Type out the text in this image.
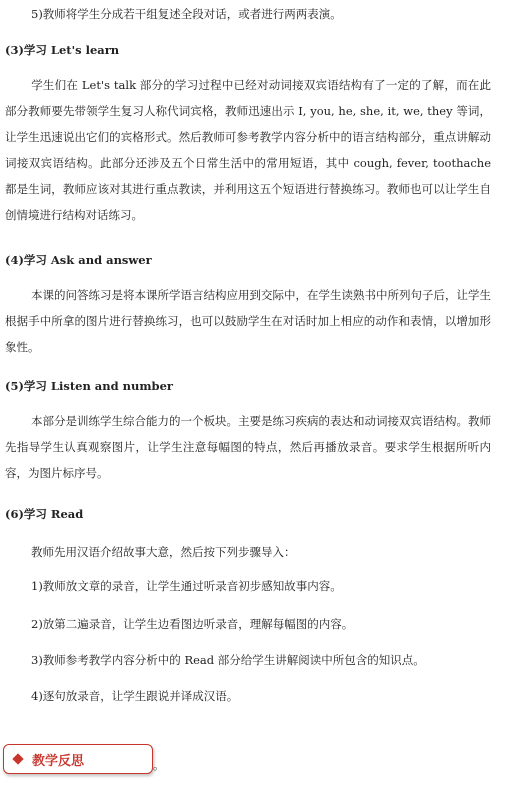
5)教师将学生分成若干组复述全段对话，或者进行两两表演。
(3)学习 Let's learn
学生们在 Let's talk 部分的学习过程中已经对动词接双宾语结构有了一定的了解，而在此部分教师要先带领学生复习人称代词宾格，教师迅速出示 I, you, he, she, it, we, they 等词，让学生迅速说出它们的宾格形式。然后教师可参考教学内容分析中的语言结构部分，重点讲解动词接双宾语结构。此部分还涉及五个日常生活中的常用短语，其中 cough, fever, toothache 都是生词，教师应该对其进行重点教读，并利用这五个短语进行替换练习。教师也可以让学生自创情境进行结构对话练习。
(4)学习 Ask and answer
本课的问答练习是将本课所学语言结构应用到交际中，在学生读熟书中所列句子后，让学生根据手中所拿的图片进行替换练习，也可以鼓励学生在对话时加上相应的动作和表情，以增加形象性。
(5)学习 Listen and number
本部分是训练学生综合能力的一个板块。主要是练习疾病的表达和动词接双宾语结构。教师先指导学生认真观察图片，让学生注意每幅图的特点，然后再播放录音。要求学生根据所听内容，为图片标序号。
(6)学习 Read
教师先用汉语介绍故事大意，然后按下列步骤导入：
1)教师放文章的录音，让学生通过听录音初步感知故事内容。
2)放第二遍录音，让学生边看图边听录音，理解每幅图的内容。
3)教师参考教学内容分析中的 Read 部分给学生讲解阅读中所包含的知识点。
4)逐句放录音，让学生跟说并译成汉语。
教学反思	。
